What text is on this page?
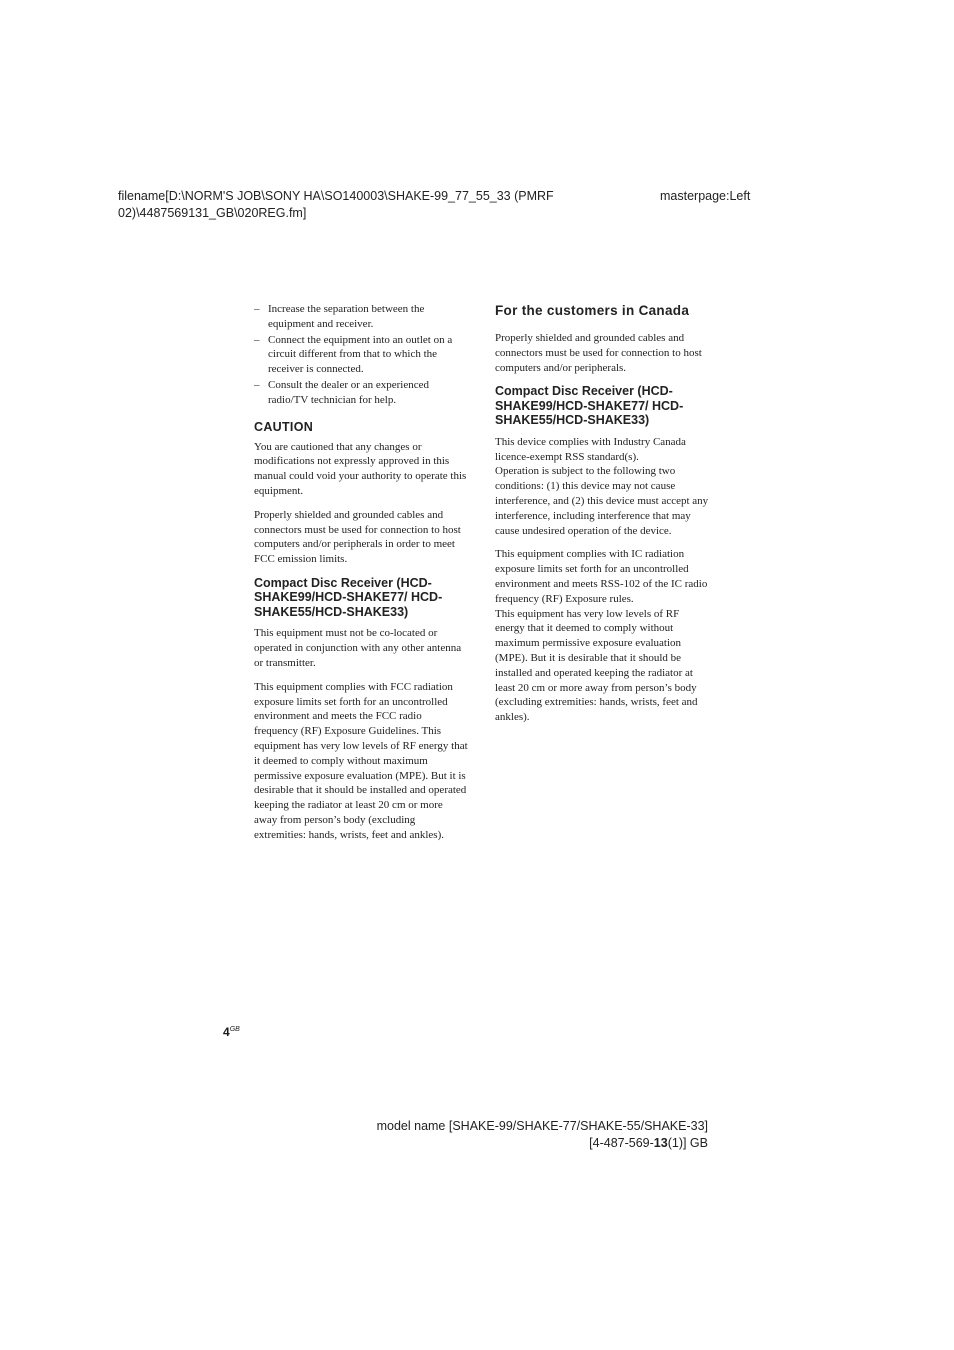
filename[D:\NORM'S JOB\SONY HA\SO140003\SHAKE-99_77_55_33 (PMRF 02)\4487569131_GB\020REG.fm]
masterpage:Left
– Increase the separation between the equipment and receiver.
– Connect the equipment into an outlet on a circuit different from that to which the receiver is connected.
– Consult the dealer or an experienced radio/TV technician for help.
CAUTION

You are cautioned that any changes or modifications not expressly approved in this manual could void your authority to operate this equipment.

Properly shielded and grounded cables and connectors must be used for connection to host computers and/or peripherals in order to meet FCC emission limits.

Compact Disc Receiver (HCD-SHAKE99/HCD-SHAKE77/ HCD-SHAKE55/HCD-SHAKE33)

This equipment must not be co-located or operated in conjunction with any other antenna or transmitter.

This equipment complies with FCC radiation exposure limits set forth for an uncontrolled environment and meets the FCC radio frequency (RF) Exposure Guidelines. This equipment has very low levels of RF energy that it deemed to comply without maximum permissive exposure evaluation (MPE). But it is desirable that it should be installed and operated keeping the radiator at least 20 cm or more away from person’s body (excluding extremities: hands, wrists, feet and ankles).

For the customers in Canada

Properly shielded and grounded cables and connectors must be used for connection to host computers and/or peripherals.

Compact Disc Receiver (HCD-SHAKE99/HCD-SHAKE77/ HCD-SHAKE55/HCD-SHAKE33)

This device complies with Industry Canada licence-exempt RSS standard(s).
Operation is subject to the following two conditions: (1) this device may not cause interference, and (2) this device must accept any interference, including interference that may cause undesired operation of the device.

This equipment complies with IC radiation exposure limits set forth for an uncontrolled environment and meets RSS-102 of the IC radio frequency (RF) Exposure rules.
This equipment has very low levels of RF energy that it deemed to comply without maximum permissive exposure evaluation (MPE). But it is desirable that it should be installed and operated keeping the radiator at least 20 cm or more away from person’s body (excluding extremities: hands, wrists, feet and ankles).

$4^{GB}$
model name [SHAKE-99/SHAKE-77/SHAKE-55/SHAKE-33]
[4-487-569-13(1)] GB
